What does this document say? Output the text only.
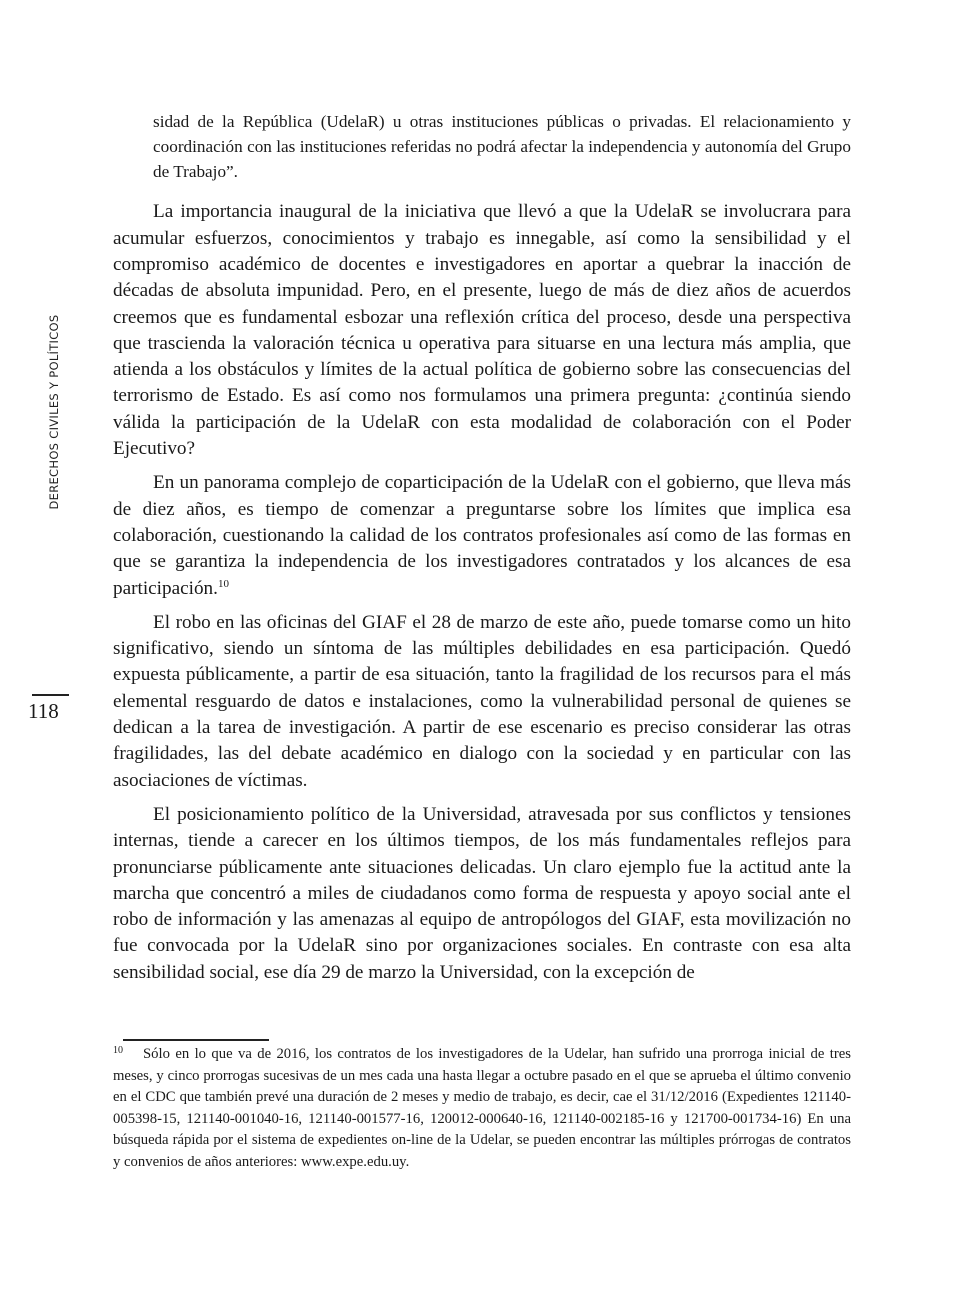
DERECHOS CIVILES Y POLÍTICOS
118

sidad de la República (UdelaR) u otras instituciones públicas o privadas. El relacionamiento y coordinación con las instituciones referidas no podrá afectar la independencia y autonomía del Grupo de Trabajo”.

La importancia inaugural de la iniciativa que llevó a que la UdelaR se involucrara para acumular esfuerzos, conocimientos y trabajo es innegable, así como la sensibilidad y el compromiso académico de docentes e investigadores en aportar a quebrar la inacción de décadas de absoluta impunidad. Pero, en el presente, luego de más de diez años de acuerdos creemos que es fundamental esbozar una reflexión crítica del proceso, desde una perspectiva que trascienda la valoración técnica u operativa para situarse en una lectura más amplia, que atienda a los obstáculos y límites de la actual política de gobierno sobre las consecuencias del terrorismo de Estado. Es así como nos formulamos una primera pregunta: ¿continúa siendo válida la participación de la UdelaR con esta modalidad de colaboración con el Poder Ejecutivo?

En un panorama complejo de coparticipación de la UdelaR con el gobierno, que lleva más de diez años, es tiempo de comenzar a preguntarse sobre los límites que implica esa colaboración, cuestionando la calidad de los contratos profesionales así como de las formas en que se garantiza la independencia de los investigadores contratados y los alcances de esa participación.$^{10}$

El robo en las oficinas del GIAF el 28 de marzo de este año, puede tomarse como un hito significativo, siendo un síntoma de las múltiples debilidades en esa participación. Quedó expuesta públicamente, a partir de esa situación, tanto la fragilidad de los recursos para el más elemental resguardo de datos e instalaciones, como la vulnerabilidad personal de quienes se dedican a la tarea de investigación. A partir de ese escenario es preciso considerar las otras fragilidades, las del debate académico en dialogo con la sociedad y en particular con las asociaciones de víctimas.

El posicionamiento político de la Universidad, atravesada por sus conflictos y tensiones internas, tiende a carecer en los últimos tiempos, de los más fundamentales reflejos para pronunciarse públicamente ante situaciones delicadas. Un claro ejemplo fue la actitud ante la marcha que concentró a miles de ciudadanos como forma de respuesta y apoyo social ante el robo de información y las amenazas al equipo de antropólogos del GIAF, esta movilización no fue convocada por la UdelaR sino por organizaciones sociales. En contraste con esa alta sensibilidad social, ese día 29 de marzo la Universidad, con la excepción de

10 Sólo en lo que va de 2016, los contratos de los investigadores de la Udelar, han sufrido una prorroga inicial de tres meses, y cinco prorrogas sucesivas de un mes cada una hasta llegar a octubre pasado en el que se aprueba el último convenio en el CDC que también prevé una duración de 2 meses y medio de trabajo, es decir, cae el 31/12/2016 (Expedientes 121140-005398-15, 121140-001040-16, 121140-001577-16, 120012-000640-16, 121140-002185-16 y 121700-001734-16) En una búsqueda rápida por el sistema de expedientes on-line de la Udelar, se pueden encontrar las múltiples prórrogas de contratos y convenios de años anteriores: www.expe.edu.uy.
